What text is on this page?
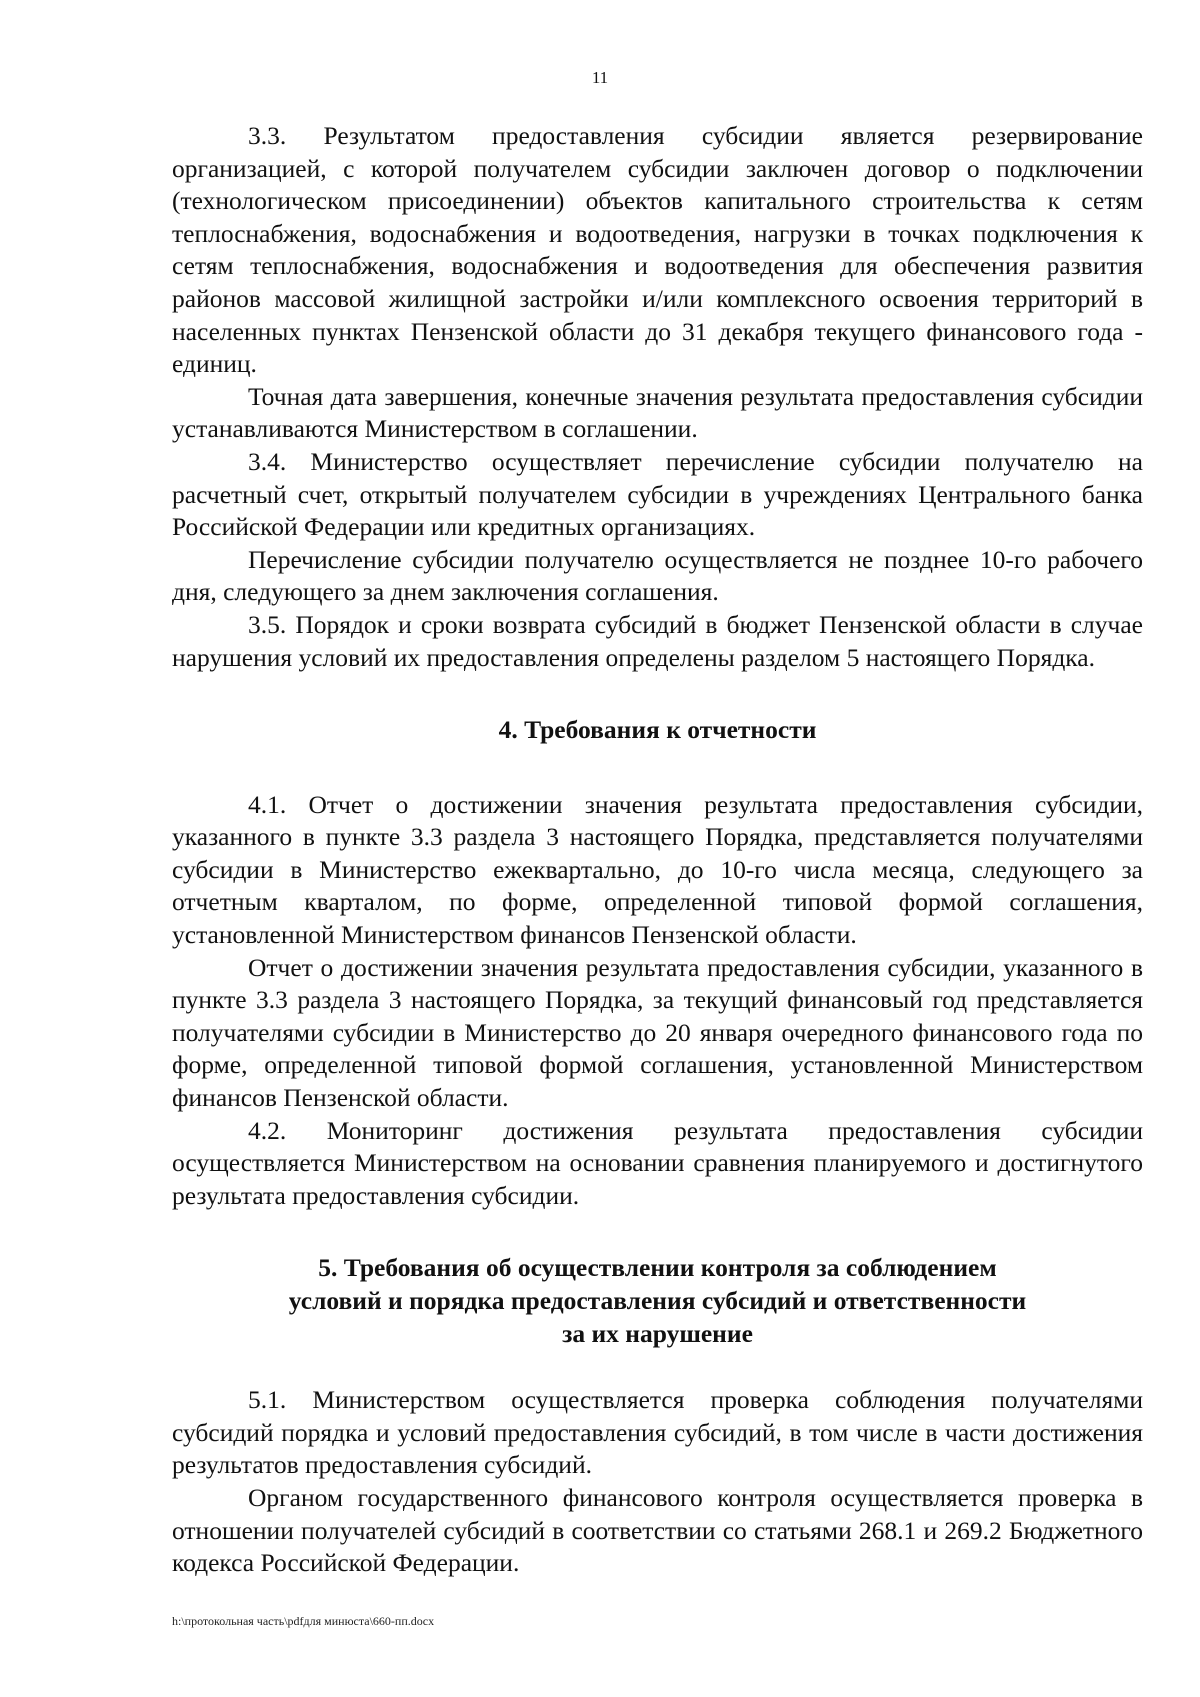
11

3.3. Результатом предоставления субсидии является резервирование организацией, с которой получателем субсидии заключен договор о подключении (технологическом присоединении) объектов капитального строительства к сетям теплоснабжения, водоснабжения и водоотведения, нагрузки в точках подключения к сетям теплоснабжения, водоснабжения и водоотведения для обеспечения развития районов массовой жилищной застройки и/или комплексного освоения территорий в населенных пунктах Пензенской области до 31 декабря текущего финансового года - единиц.

Точная дата завершения, конечные значения результата предоставления субсидии устанавливаются Министерством в соглашении.

3.4. Министерство осуществляет перечисление субсидии получателю на расчетный счет, открытый получателем субсидии в учреждениях Центрального банка Российской Федерации или кредитных организациях.

Перечисление субсидии получателю осуществляется не позднее 10-го рабочего дня, следующего за днем заключения соглашения.

3.5. Порядок и сроки возврата субсидий в бюджет Пензенской области в случае нарушения условий их предоставления определены разделом 5 настоящего Порядка.

4. Требования к отчетности

4.1. Отчет о достижении значения результата предоставления субсидии, указанного в пункте 3.3 раздела 3 настоящего Порядка, представляется получателями субсидии в Министерство ежеквартально, до 10-го числа месяца, следующего за отчетным кварталом, по форме, определенной типовой формой соглашения, установленной Министерством финансов Пензенской области.

Отчет о достижении значения результата предоставления субсидии, указанного в пункте 3.3 раздела 3 настоящего Порядка, за текущий финансовый год представляется получателями субсидии в Министерство до 20 января очередного финансового года по форме, определенной типовой формой соглашения, установленной Министерством финансов Пензенской области.

4.2. Мониторинг достижения результата предоставления субсидии осуществляется Министерством на основании сравнения планируемого и достигнутого результата предоставления субсидии.

5. Требования об осуществлении контроля за соблюдением

условий и порядка предоставления субсидий и ответственности

за их нарушение

5.1. Министерством осуществляется проверка соблюдения получателями субсидий порядка и условий предоставления субсидий, в том числе в части достижения результатов предоставления субсидий.

Органом государственного финансового контроля осуществляется проверка в отношении получателей субсидий в соответствии со статьями 268.1 и 269.2 Бюджетного кодекса Российской Федерации.

h:\протокольная часть\pdfдля минюста\660-пп.docx
